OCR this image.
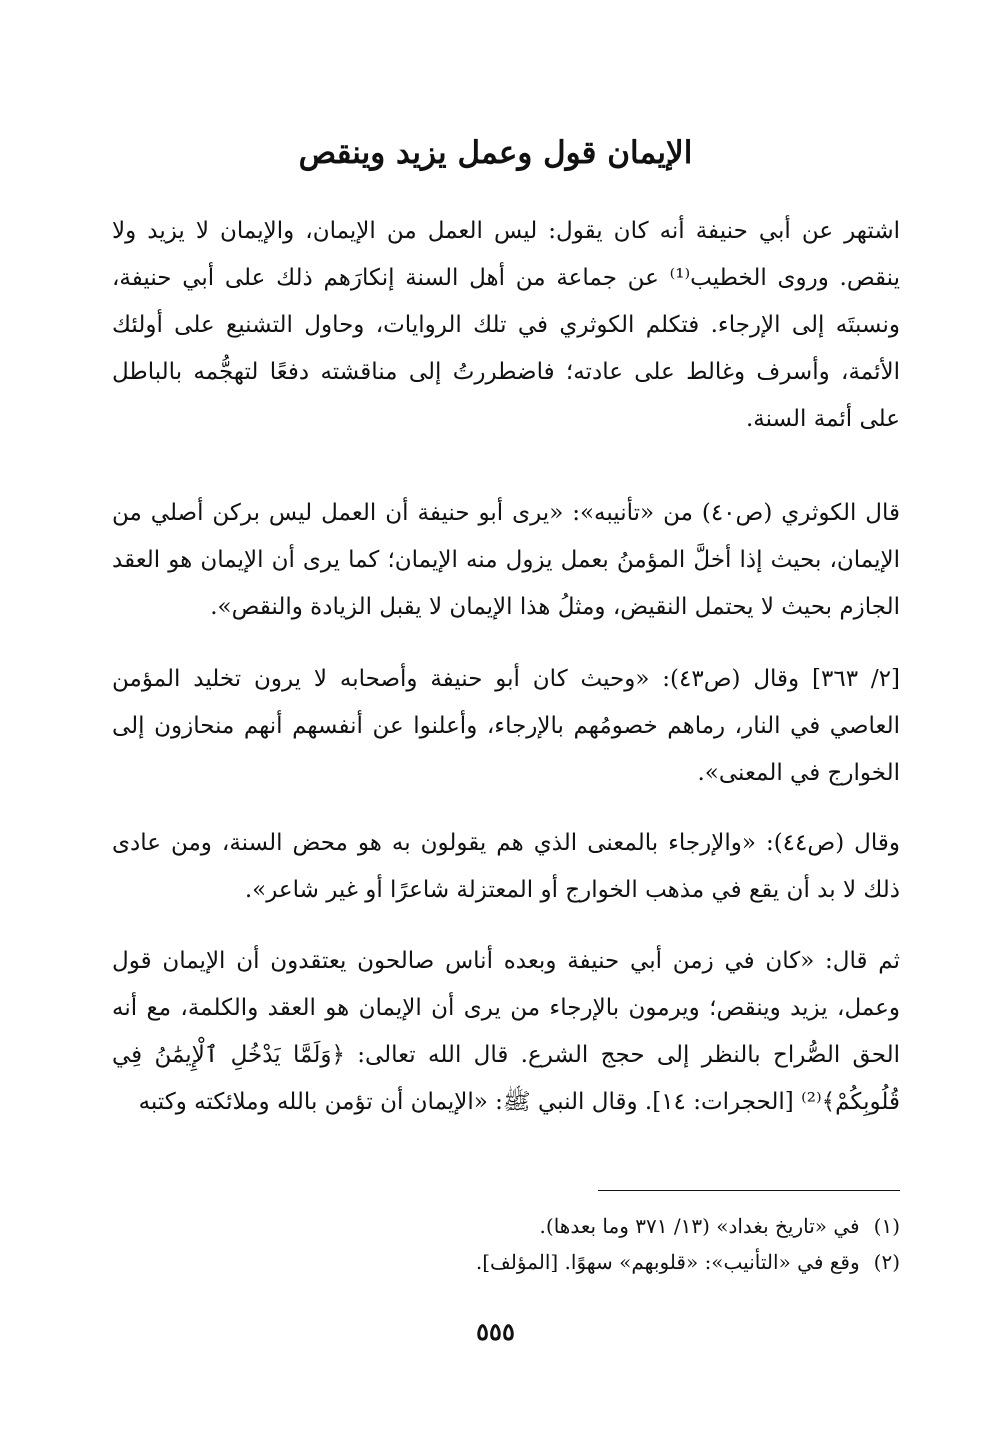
الإيمان قول وعمل يزيد وينقص

اشتهر عن أبي حنيفة أنه كان يقول: ليس العمل من الإيمان، والإيمان لا يزيد ولا ينقص. وروى الخطيب⁽¹⁾ عن جماعة من أهل السنة إنكارَهم ذلك على أبي حنيفة، ونسبتَه إلى الإرجاء. فتكلم الكوثري في تلك الروايات، وحاول التشنيع على أولئك الأئمة، وأسرف وغالط على عادته؛ فاضطررتُ إلى مناقشته دفعًا لتهجُّمه بالباطل على أئمة السنة.

قال الكوثري (ص٤٠) من «تأنيبه»: «يرى أبو حنيفة أن العمل ليس بركن أصلي من الإيمان، بحيث إذا أخلَّ المؤمنُ بعمل يزول منه الإيمان؛ كما يرى أن الإيمان هو العقد الجازم بحيث لا يحتمل النقيض، ومثلُ هذا الإيمان لا يقبل الزيادة والنقص».

[٢/ ٣٦٣] وقال (ص٤٣): «وحيث كان أبو حنيفة وأصحابه لا يرون تخليد المؤمن العاصي في النار، رماهم خصومُهم بالإرجاء، وأعلنوا عن أنفسهم أنهم منحازون إلى الخوارج في المعنى».

وقال (ص٤٤): «والإرجاء بالمعنى الذي هم يقولون به هو محض السنة، ومن عادى ذلك لا بد أن يقع في مذهب الخوارج أو المعتزلة شاعرًا أو غير شاعر».

ثم قال: «كان في زمن أبي حنيفة وبعده أناس صالحون يعتقدون أن الإيمان قول وعمل، يزيد وينقص؛ ويرمون بالإرجاء من يرى أن الإيمان هو العقد والكلمة، مع أنه الحق الصُّراح بالنظر إلى حجج الشرع. قال الله تعالى: ﴿وَلَمَّا يَدْخُلِ ٱلْإِيمَٰنُ فِي قُلُوبِكُمْ﴾⁽²⁾ [الحجرات: ١٤]. وقال النبي ﷺ: «الإيمان أن تؤمن بالله وملائكته وكتبه

(١)
في «تاريخ بغداد» (١٣/ ٣٧١ وما بعدها).
(٢)
وقع في «التأنيب»: «قلوبهم» سهوًا. [المؤلف].
٥٥٥
